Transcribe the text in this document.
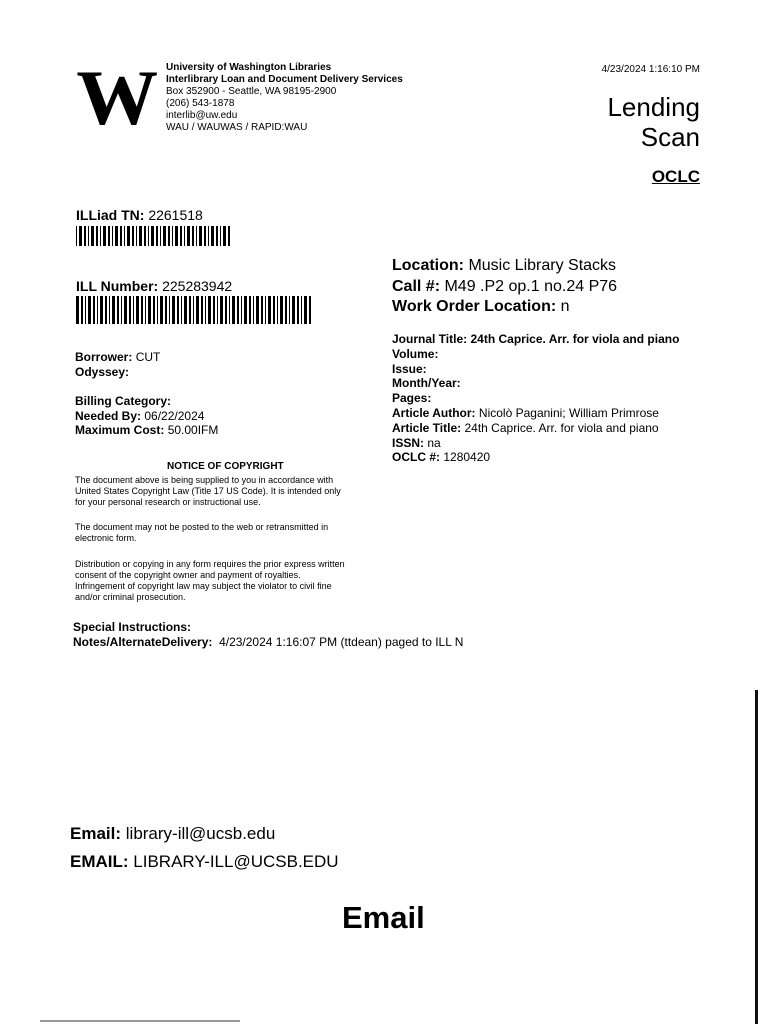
W University of Washington Libraries
Interlibrary Loan and Document Delivery Services
Box 352900 - Seattle, WA 98195-2900
(206) 543-1878
interlib@uw.edu
WAU / WAUWAS / RAPID:WAU
4/23/2024 1:16:10 PM
Lending
Scan
OCLC
ILLiad TN: 2261518
ILL Number: 225283942
Location: Music Library Stacks
Call #: M49 .P2 op.1 no.24 P76
Work Order Location: n
Borrower: CUT
Odyssey:
Billing Category:
Needed By: 06/22/2024
Maximum Cost: 50.00IFM
Journal Title: 24th Caprice. Arr. for viola and piano
Volume:
Issue:
Month/Year:
Pages:
Article Author: Nicolò Paganini; William Primrose
Article Title: 24th Caprice. Arr. for viola and piano
ISSN: na
OCLC #: 1280420
NOTICE OF COPYRIGHT
The document above is being supplied to you in accordance with
United States Copyright Law (Title 17 US Code). It is intended only
for your personal research or instructional use.
The document may not be posted to the web or retransmitted in
electronic form.
Distribution or copying in any form requires the prior express written
consent of the copyright owner and payment of royalties.
Infringement of copyright law may subject the violator to civil fine
and/or criminal prosecution.
Special Instructions:
Notes/AlternateDelivery: 4/23/2024 1:16:07 PM (ttdean) paged to ILL N
Email: library-ill@ucsb.edu
EMAIL: LIBRARY-ILL@UCSB.EDU
Email
